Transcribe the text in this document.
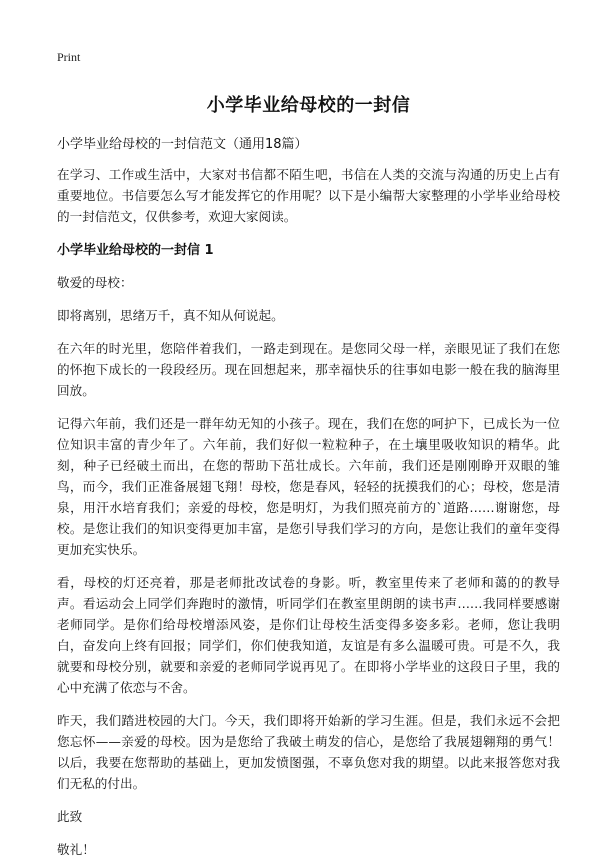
Print
小学毕业给母校的一封信
小学毕业给母校的一封信范文（通用18篇）
在学习、工作或生活中，大家对书信都不陌生吧，书信在人类的交流与沟通的历史上占有重要地位。书信要怎么写才能发挥它的作用呢？以下是小编帮大家整理的小学毕业给母校的一封信范文，仅供参考，欢迎大家阅读。
小学毕业给母校的一封信 1
敬爱的母校：
即将离别，思绪万千，真不知从何说起。
在六年的时光里，您陪伴着我们，一路走到现在。是您同父母一样，亲眼见证了我们在您的怀抱下成长的一段段经历。现在回想起来，那幸福快乐的往事如电影一般在我的脑海里回放。
记得六年前，我们还是一群年幼无知的小孩子。现在，我们在您的呵护下，已成长为一位位知识丰富的青少年了。六年前，我们好似一粒粒种子，在土壤里吸收知识的精华。此刻，种子已经破土而出，在您的帮助下茁壮成长。六年前，我们还是刚刚睁开双眼的雏鸟，而今，我们正准备展翅飞翔！母校，您是春风，轻轻的抚摸我们的心；母校，您是清泉，用汗水培育我们；亲爱的母校，您是明灯，为我们照亮前方的`道路……谢谢您，母校。是您让我们的知识变得更加丰富，是您引导我们学习的方向，是您让我们的童年变得更加充实快乐。
看，母校的灯还亮着，那是老师批改试卷的身影。听，教室里传来了老师和蔼的的教导声。看运动会上同学们奔跑时的激情，听同学们在教室里朗朗的读书声……我同样要感谢老师同学。是你们给母校增添风姿，是你们让母校生活变得多姿多彩。老师，您让我明白，奋发向上终有回报；同学们，你们使我知道，友谊是有多么温暖可贵。可是不久，我就要和母校分别，就要和亲爱的老师同学说再见了。在即将小学毕业的这段日子里，我的心中充满了依恋与不舍。
昨天，我们踏进校园的大门。今天，我们即将开始新的学习生涯。但是，我们永远不会把您忘怀——亲爱的母校。因为是您给了我破土萌发的信心，是您给了我展翅翱翔的勇气！以后，我要在您帮助的基础上，更加发愤图强，不辜负您对我的期望。以此来报答您对我们无私的付出。
此致
敬礼！
